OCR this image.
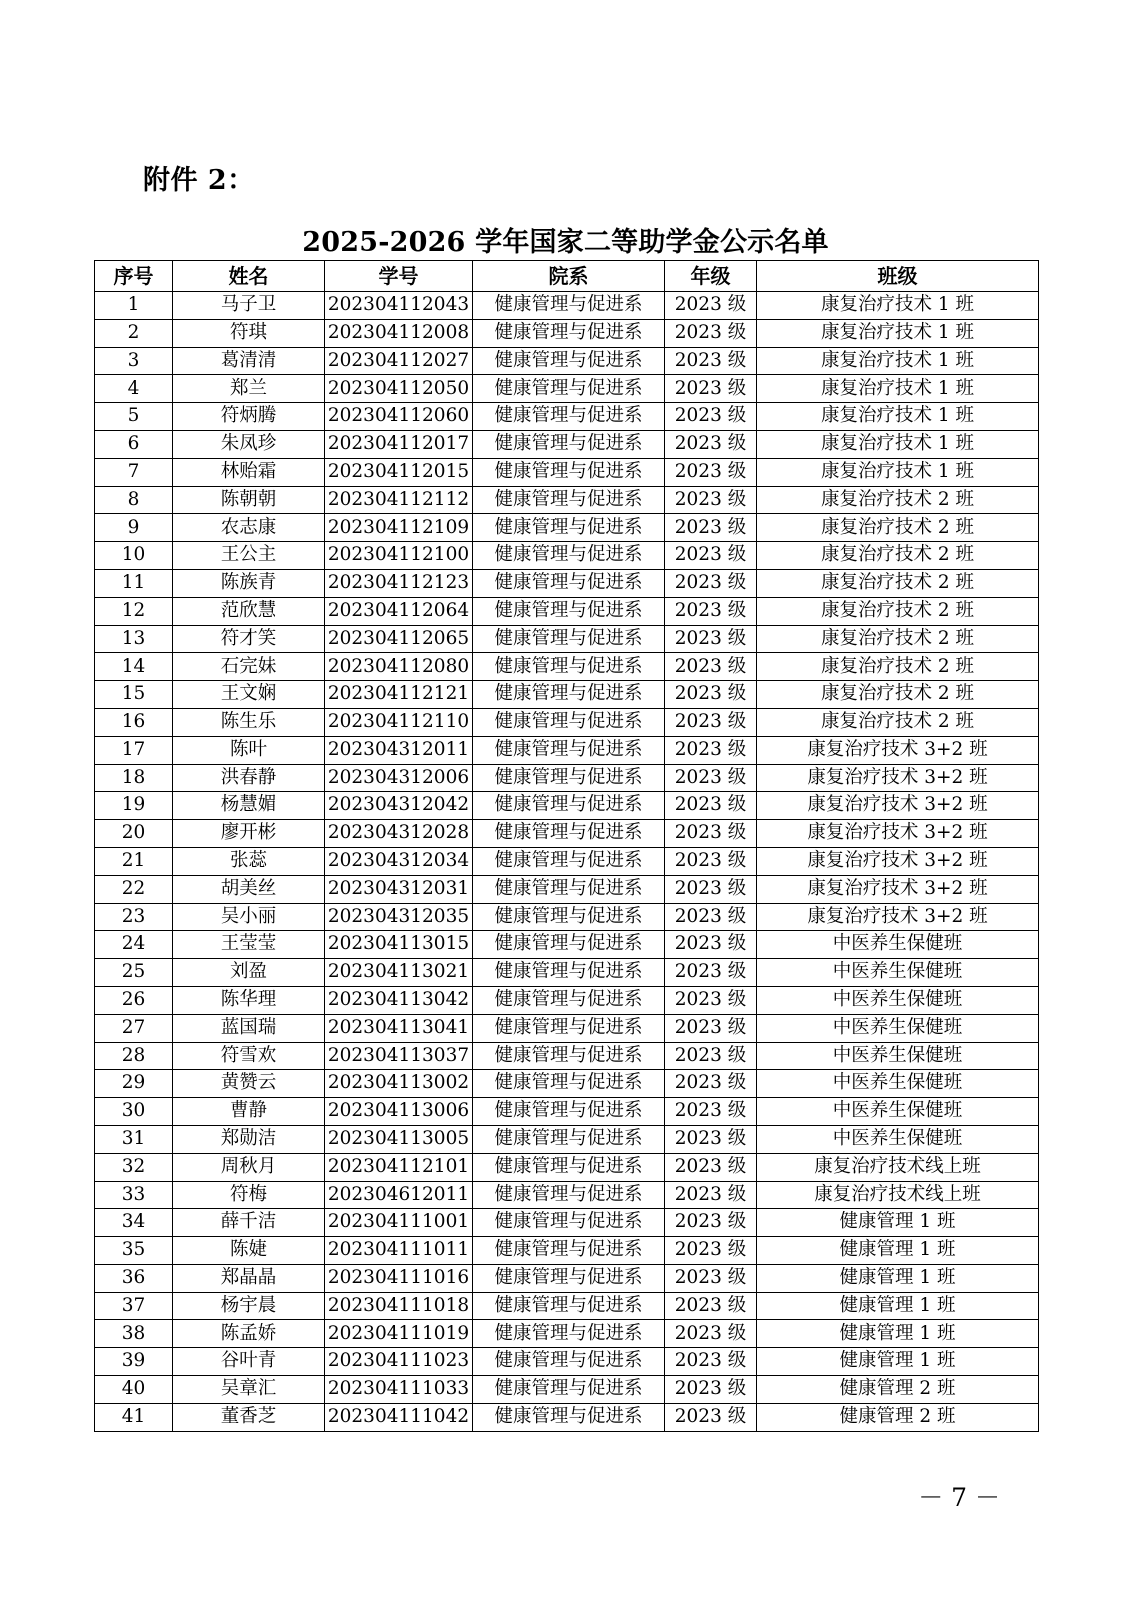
附件 2：
2025-2026 学年国家二等助学金公示名单
序号	姓名	学号	院系	年级	班级
1	马子卫	202304112043	健康管理与促进系	2023 级	康复治疗技术 1 班
2	符琪	202304112008	健康管理与促进系	2023 级	康复治疗技术 1 班
3	葛清清	202304112027	健康管理与促进系	2023 级	康复治疗技术 1 班
4	郑兰	202304112050	健康管理与促进系	2023 级	康复治疗技术 1 班
5	符炳腾	202304112060	健康管理与促进系	2023 级	康复治疗技术 1 班
6	朱凤珍	202304112017	健康管理与促进系	2023 级	康复治疗技术 1 班
7	林贻霜	202304112015	健康管理与促进系	2023 级	康复治疗技术 1 班
8	陈朝朝	202304112112	健康管理与促进系	2023 级	康复治疗技术 2 班
9	农志康	202304112109	健康管理与促进系	2023 级	康复治疗技术 2 班
10	王公主	202304112100	健康管理与促进系	2023 级	康复治疗技术 2 班
11	陈族青	202304112123	健康管理与促进系	2023 级	康复治疗技术 2 班
12	范欣慧	202304112064	健康管理与促进系	2023 级	康复治疗技术 2 班
13	符才笑	202304112065	健康管理与促进系	2023 级	康复治疗技术 2 班
14	石完妹	202304112080	健康管理与促进系	2023 级	康复治疗技术 2 班
15	王文娴	202304112121	健康管理与促进系	2023 级	康复治疗技术 2 班
16	陈生乐	202304112110	健康管理与促进系	2023 级	康复治疗技术 2 班
17	陈叶	202304312011	健康管理与促进系	2023 级	康复治疗技术 3+2 班
18	洪春静	202304312006	健康管理与促进系	2023 级	康复治疗技术 3+2 班
19	杨慧媚	202304312042	健康管理与促进系	2023 级	康复治疗技术 3+2 班
20	廖开彬	202304312028	健康管理与促进系	2023 级	康复治疗技术 3+2 班
21	张蕊	202304312034	健康管理与促进系	2023 级	康复治疗技术 3+2 班
22	胡美丝	202304312031	健康管理与促进系	2023 级	康复治疗技术 3+2 班
23	吴小丽	202304312035	健康管理与促进系	2023 级	康复治疗技术 3+2 班
24	王莹莹	202304113015	健康管理与促进系	2023 级	中医养生保健班
25	刘盈	202304113021	健康管理与促进系	2023 级	中医养生保健班
26	陈华理	202304113042	健康管理与促进系	2023 级	中医养生保健班
27	蓝国瑞	202304113041	健康管理与促进系	2023 级	中医养生保健班
28	符雪欢	202304113037	健康管理与促进系	2023 级	中医养生保健班
29	黄赞云	202304113002	健康管理与促进系	2023 级	中医养生保健班
30	曹静	202304113006	健康管理与促进系	2023 级	中医养生保健班
31	郑勋洁	202304113005	健康管理与促进系	2023 级	中医养生保健班
32	周秋月	202304112101	健康管理与促进系	2023 级	康复治疗技术线上班
33	符梅	202304612011	健康管理与促进系	2023 级	康复治疗技术线上班
34	薛千洁	202304111001	健康管理与促进系	2023 级	健康管理 1 班
35	陈婕	202304111011	健康管理与促进系	2023 级	健康管理 1 班
36	郑晶晶	202304111016	健康管理与促进系	2023 级	健康管理 1 班
37	杨宇晨	202304111018	健康管理与促进系	2023 级	健康管理 1 班
38	陈孟娇	202304111019	健康管理与促进系	2023 级	健康管理 1 班
39	谷叶青	202304111023	健康管理与促进系	2023 级	健康管理 1 班
40	吴章汇	202304111033	健康管理与促进系	2023 级	健康管理 2 班
41	董香芝	202304111042	健康管理与促进系	2023 级	健康管理 2 班
－ 7 －
